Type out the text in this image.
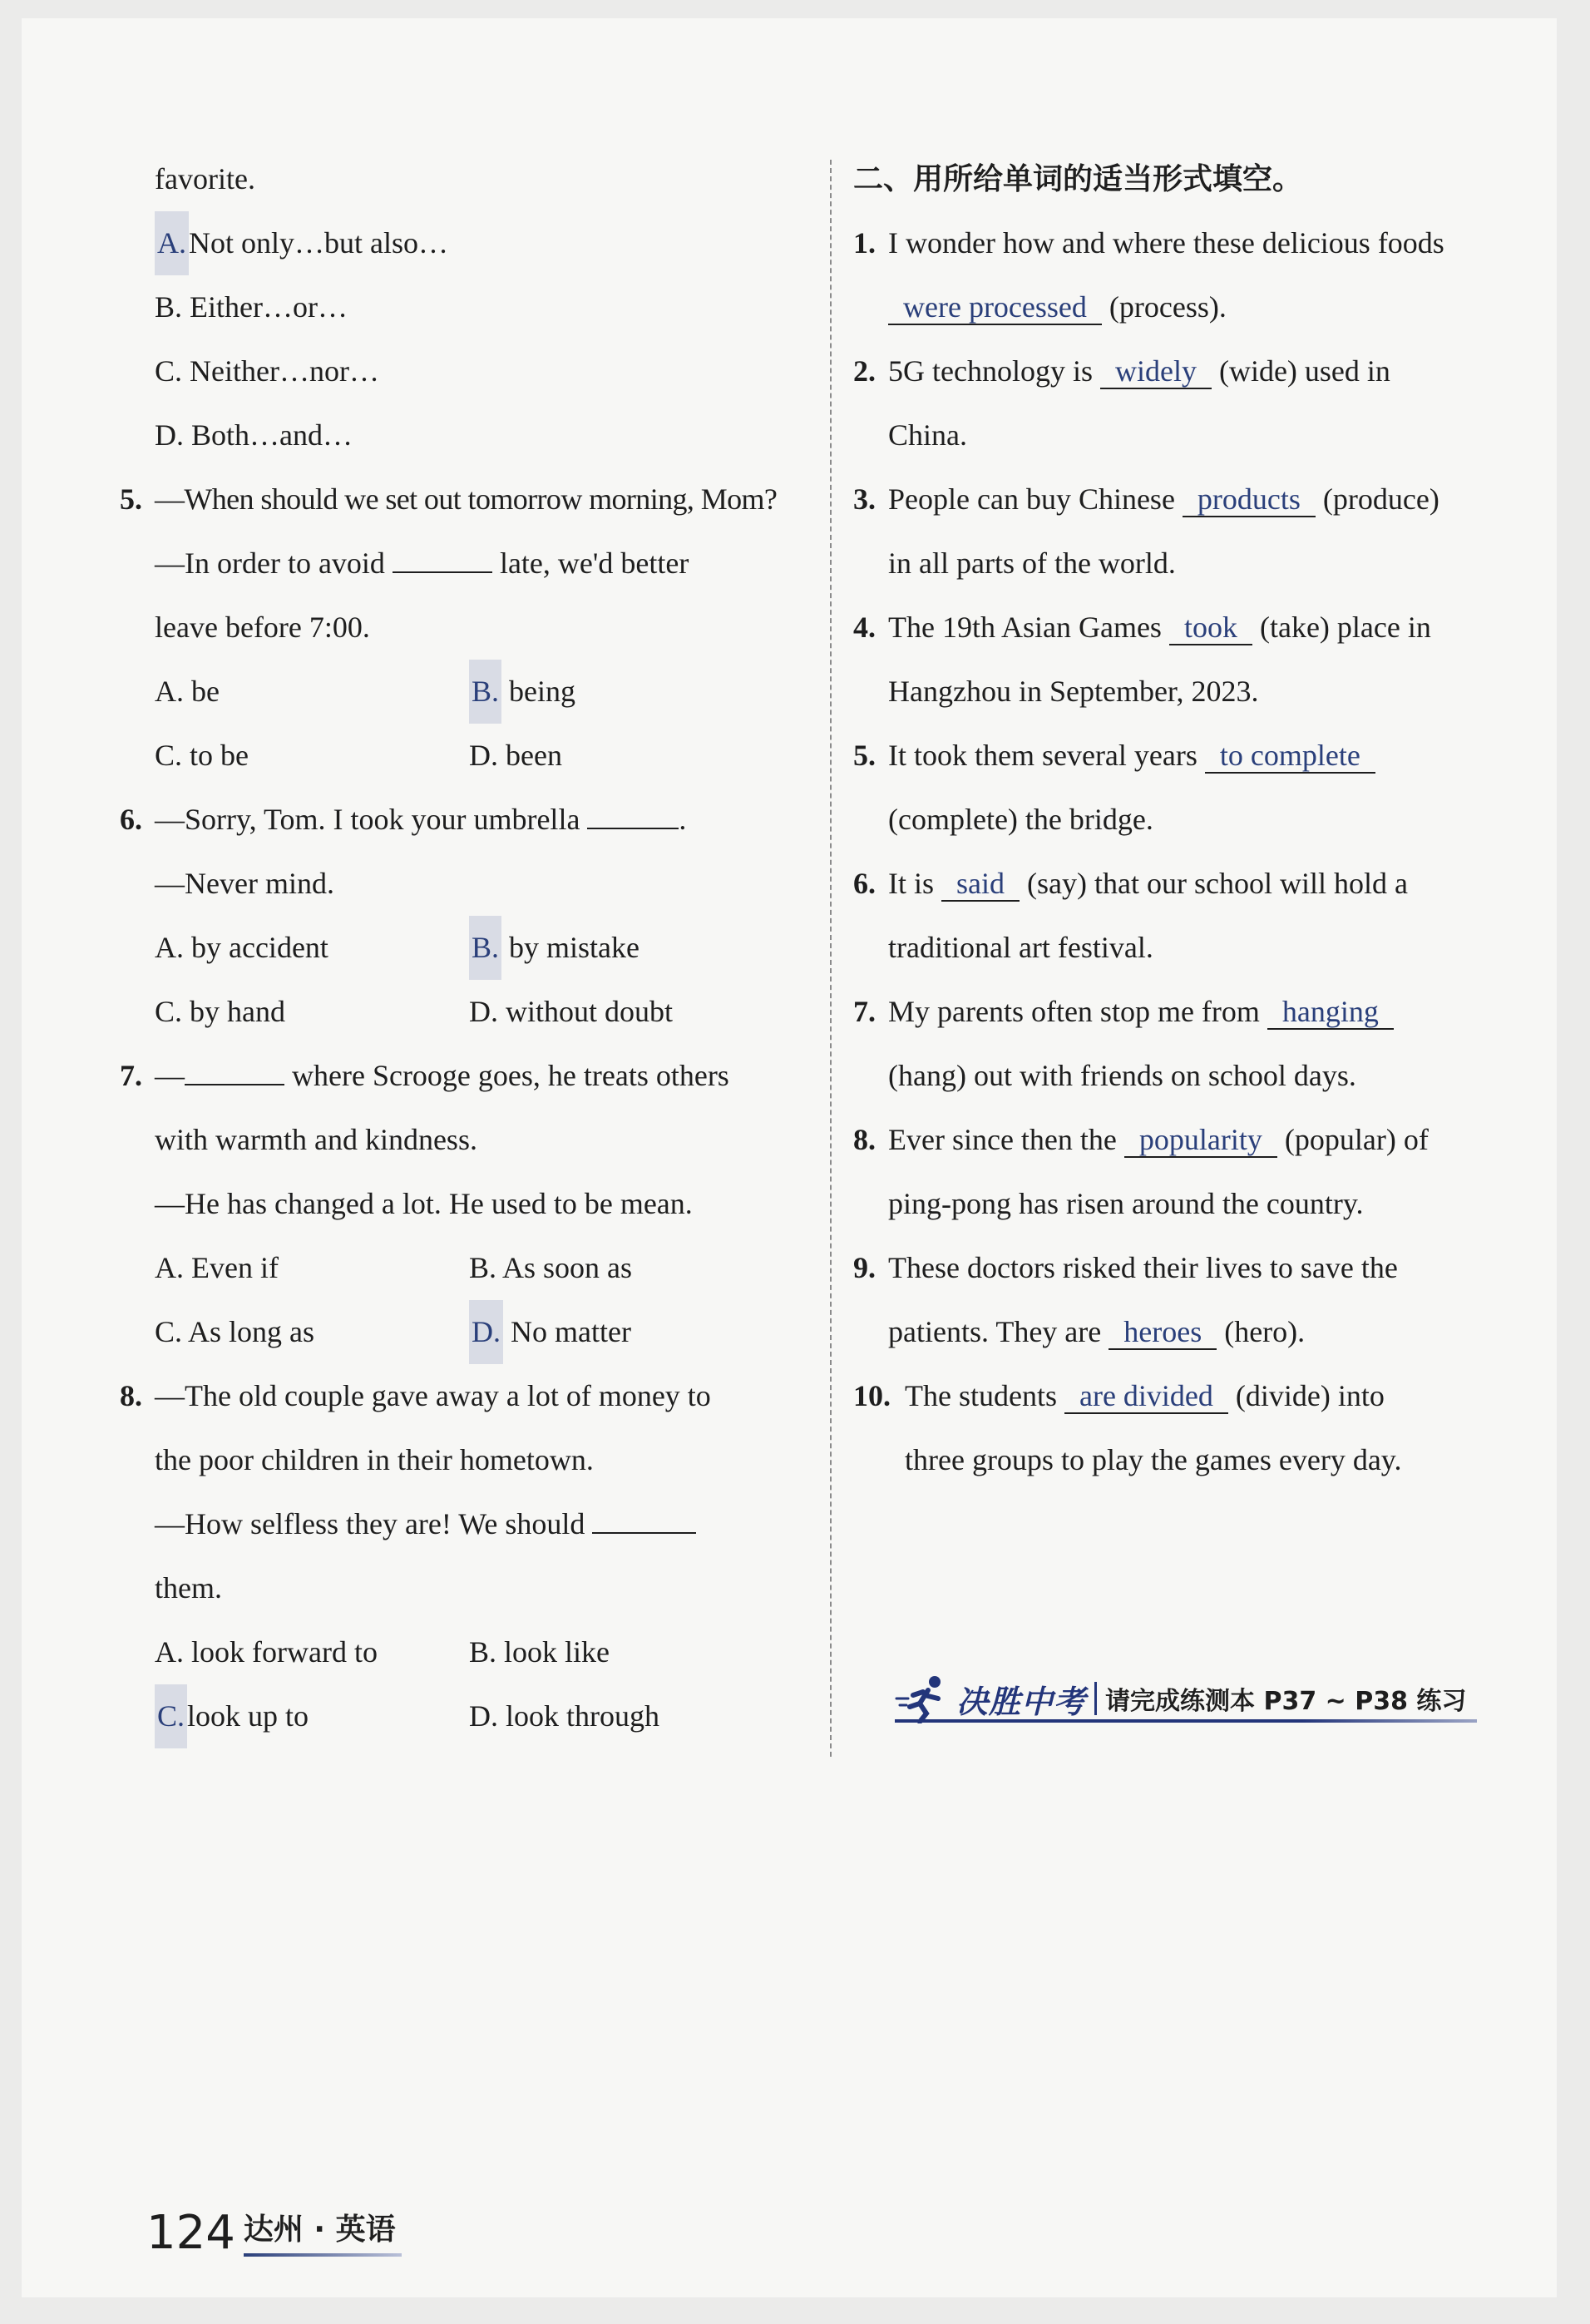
favorite.
A.Not only…but also…
B. Either…or…
C. Neither…nor…
D. Both…and…
5. —When should we set out tomorrow morning, Mom?
—In order to avoid	late, we'd better
leave before 7:00.
A. be	B. being
C. to be	D. been
6. —Sorry, Tom. I took your umbrella	.
—Never mind.
A. by accident	B. by mistake
C. by hand	D. without doubt
7. —	where Scrooge goes, he treats others
with warmth and kindness.
—He has changed a lot. He used to be mean.
A. Even if	B. As soon as
C. As long as	D. No matter
8. —The old couple gave away a lot of money to
the poor children in their hometown.
—How selfless they are! We should
them.
A. look forward to	B. look like
C.look up to	D. look through
二、用所给单词的适当形式填空。
1. I wonder how and where these delicious foods
were processed (process).
2. 5G technology is widely (wide) used in
China.
3. People can buy Chinese products (produce)
in all parts of the world.
4. The 19th Asian Games took (take) place in
Hangzhou in September, 2023.
5. It took them several years to complete
(complete) the bridge.
6. It is said (say) that our school will hold a
traditional art festival.
7. My parents often stop me from hanging
(hang) out with friends on school days.
8. Ever since then the popularity (popular) of
ping-pong has risen around the country.
9. These doctors risked their lives to save the
patients. They are heroes (hero).
10. The students are divided (divide) into
three groups to play the games every day.
决胜中考 请完成练测本 P37 ~ P38 练习
124 达州 · 英语
